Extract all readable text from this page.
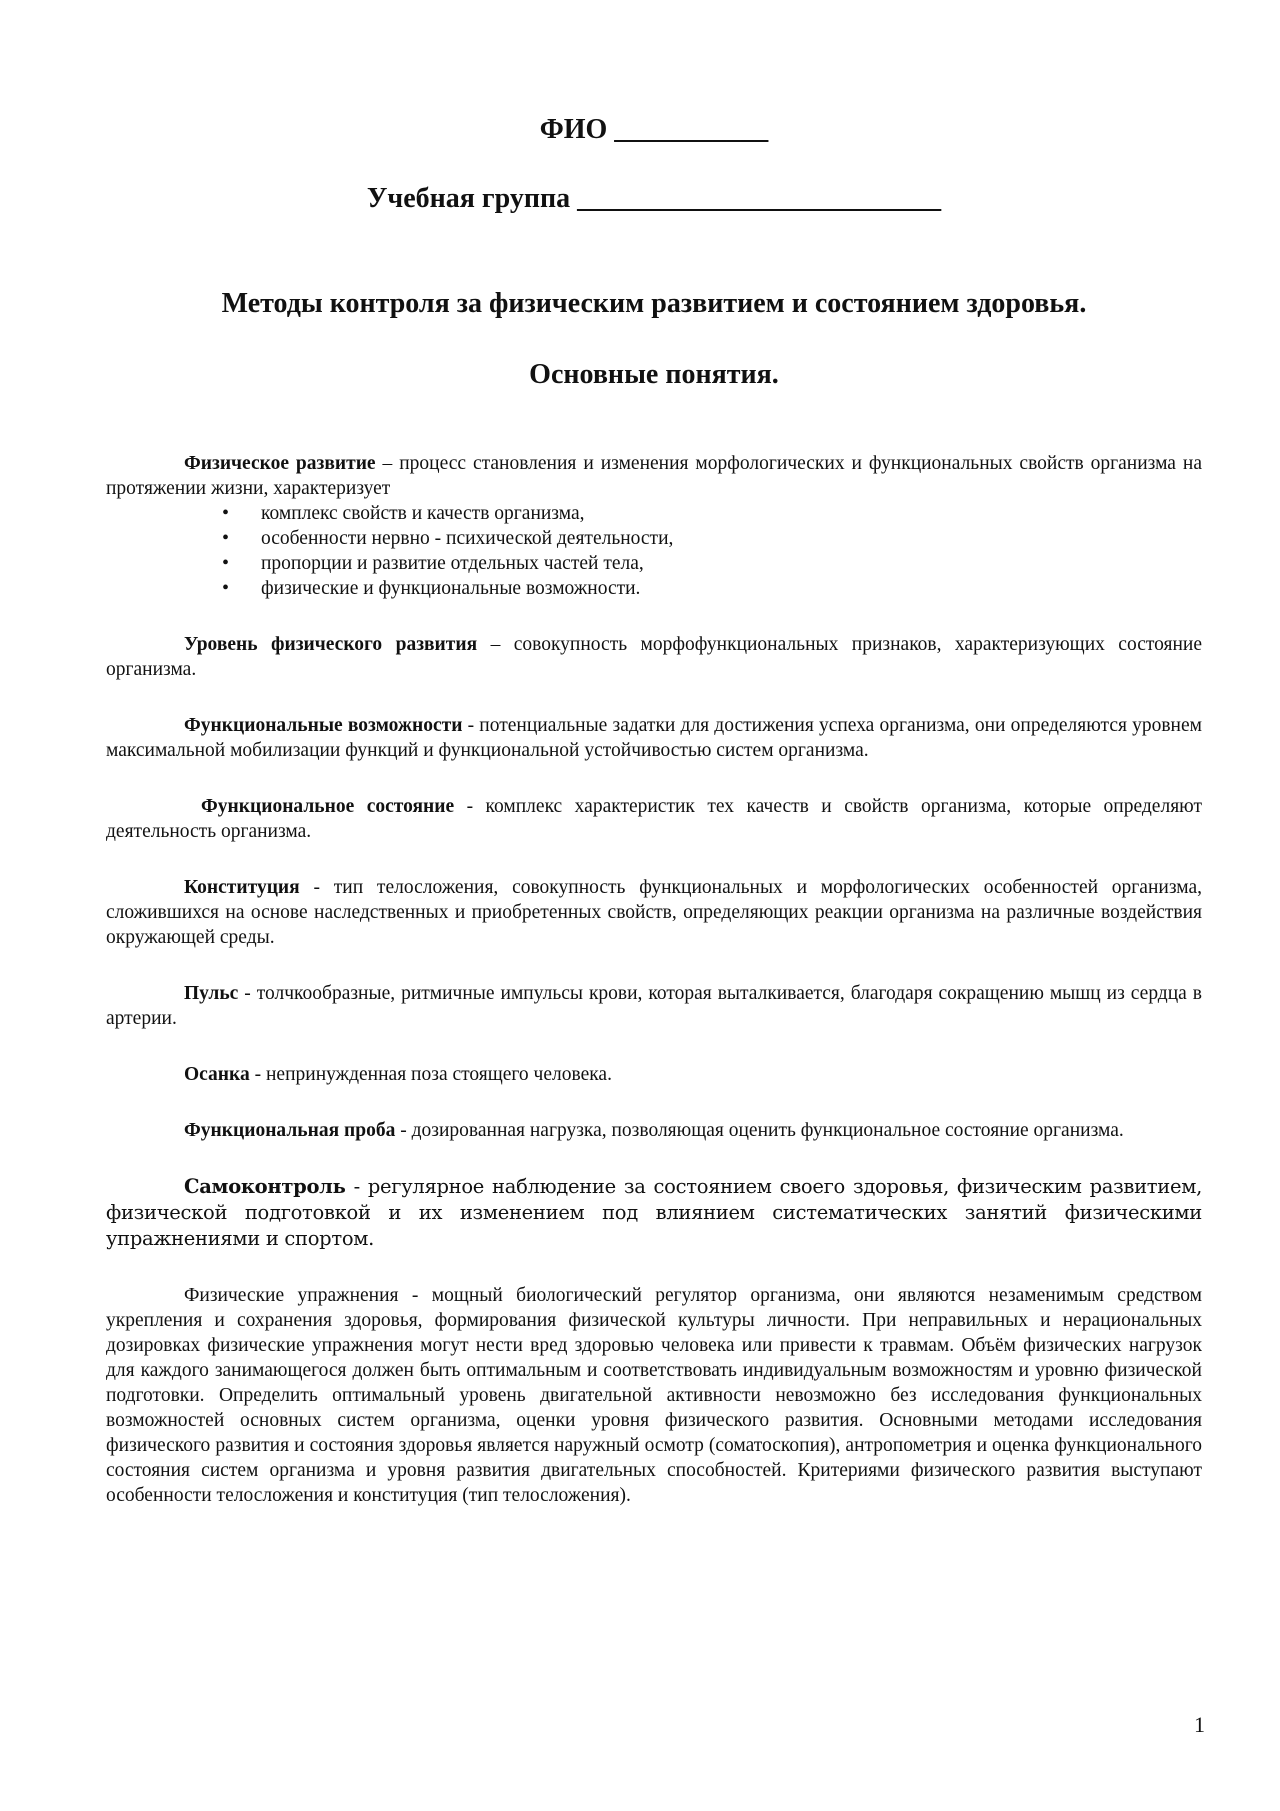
ФИО ___________

Учебная группа __________________________

Методы контроля за физическим развитием и состоянием здоровья.

Основные понятия.

Физическое развитие – процесс становления и изменения морфологических и функциональных свойств организма на протяжении жизни, характеризует

• комплекс свойств и качеств организма,
• особенности нервно - психической деятельности,
• пропорции и развитие отдельных частей тела,
• физические и функциональные возможности.

Уровень физического развития – совокупность морфофункциональных признаков, характеризующих состояние организма.

Функциональные возможности - потенциальные задатки для достижения успеха организма, они определяются уровнем максимальной мобилизации функций и функциональной устойчивостью систем организма.

Функциональное состояние - комплекс характеристик тех качеств и свойств организма, которые определяют деятельность организма.

Конституция - тип телосложения, совокупность функциональных и морфологических особенностей организма, сложившихся на основе наследственных и приобретенных свойств, определяющих реакции организма на различные воздействия окружающей среды.

Пульс - толчкообразные, ритмичные импульсы крови, которая выталкивается, благодаря сокращению мышц из сердца в артерии.

Осанка - непринужденная поза стоящего человека.

Функциональная проба - дозированная нагрузка, позволяющая оценить функциональное состояние организма.

Самоконтроль - регулярное наблюдение за состоянием своего здоровья, физическим развитием, физической подготовкой и их изменением под влиянием систематических занятий физическими упражнениями и спортом.

Физические упражнения - мощный биологический регулятор организма, они являются незаменимым средством укрепления и сохранения здоровья, формирования физической культуры личности. При неправильных и нерациональных дозировках физические упражнения могут нести вред здоровью человека или привести к травмам. Объём физических нагрузок для каждого занимающегося должен быть оптимальным и соответствовать индивидуальным возможностям и уровню физической подготовки. Определить оптимальный уровень двигательной активности невозможно без исследования функциональных возможностей основных систем организма, оценки уровня физического развития. Основными методами исследования физического развития и состояния здоровья является наружный осмотр (соматоскопия), антропометрия и оценка функционального состояния систем организма и уровня развития двигательных способностей. Критериями физического развития выступают особенности телосложения и конституция (тип телосложения).

1
